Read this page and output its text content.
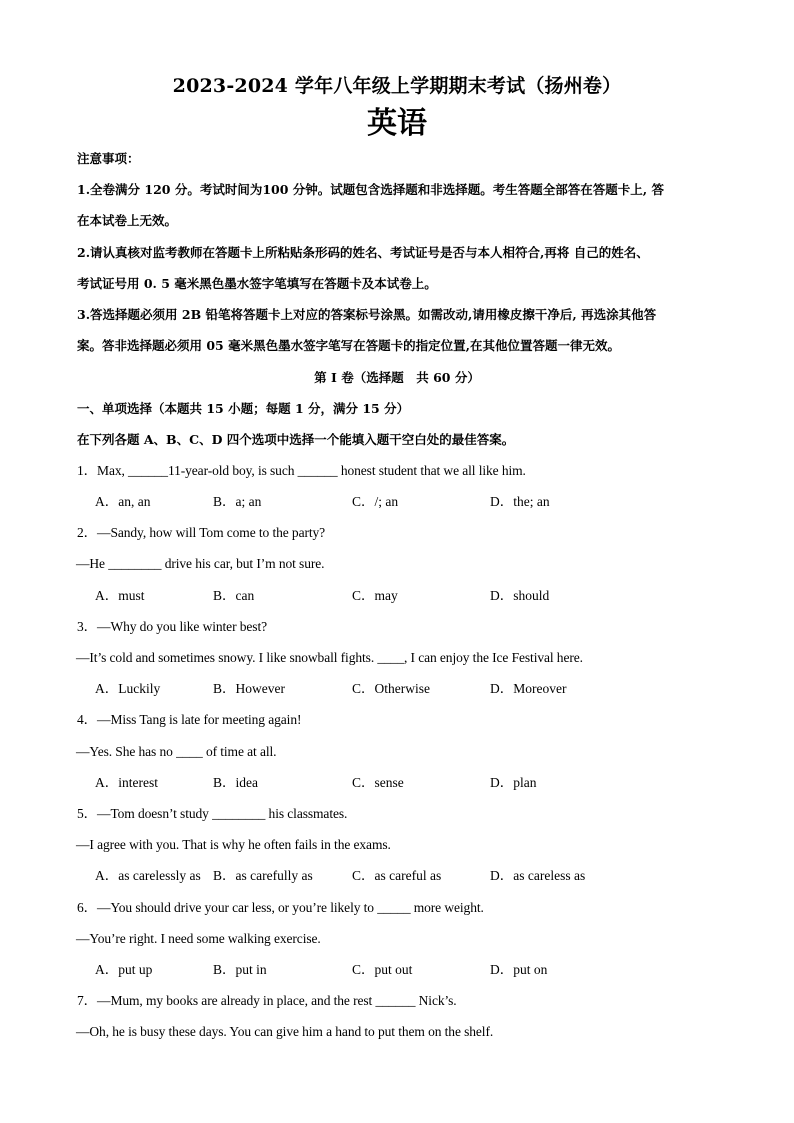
2023-2024 学年八年级上学期期末考试（扬州卷）
英语
注意事项：
1.全卷满分 120 分。考试时间为100 分钟。试题包含选择题和非选择题。考生答题全部答在答题卡上, 答
在本试卷上无效。
2.请认真核对监考教师在答题卡上所粘贴条形码的姓名、考试证号是否与本人相符合,再将 自己的姓名、
考试证号用 0. 5 毫米黑色墨水签字笔填写在答题卡及本试卷上。
3.答选择题必须用 2B 铅笔将答题卡上对应的答案标号涂黑。如需改动,请用橡皮擦干净后, 再选涂其他答
案。答非选择题必须用 05 毫米黑色墨水签字笔写在答题卡的指定位置,在其他位置答题一律无效。
第 I 卷（选择题　共 60 分）
一、单项选择（本题共 15 小题；每题 1 分，满分 15 分）
在下列各题 A、B、C、D 四个选项中选择一个能填入题干空白处的最佳答案。
1．Max, ______11-year-old boy, is such ______ honest student that we all like him.
A．an, an	B．a; an	C．/; an	D．the; an
2．—Sandy, how will Tom come to the party?
—He ________ drive his car, but I’m not sure.
A．must	B．can	C．may	D．should
3．—Why do you like winter best?
—It’s cold and sometimes snowy. I like snowball fights. ____, I can enjoy the Ice Festival here.
A．Luckily	B．However	C．Otherwise	D．Moreover
4．—Miss Tang is late for meeting again!
—Yes. She has no ____ of time at all.
A．interest	B．idea	C．sense	D．plan
5．—Tom doesn’t study ________ his classmates.
—I agree with you. That is why he often fails in the exams.
A．as carelessly as B．as carefully as	C．as careful as	D．as careless as
6．—You should drive your car less, or you’re likely to _____ more weight.
—You’re right. I need some walking exercise.
A．put up	B．put in	C．put out	D．put on
7．—Mum, my books are already in place, and the rest ______ Nick’s.
—Oh, he is busy these days. You can give him a hand to put them on the shelf.
